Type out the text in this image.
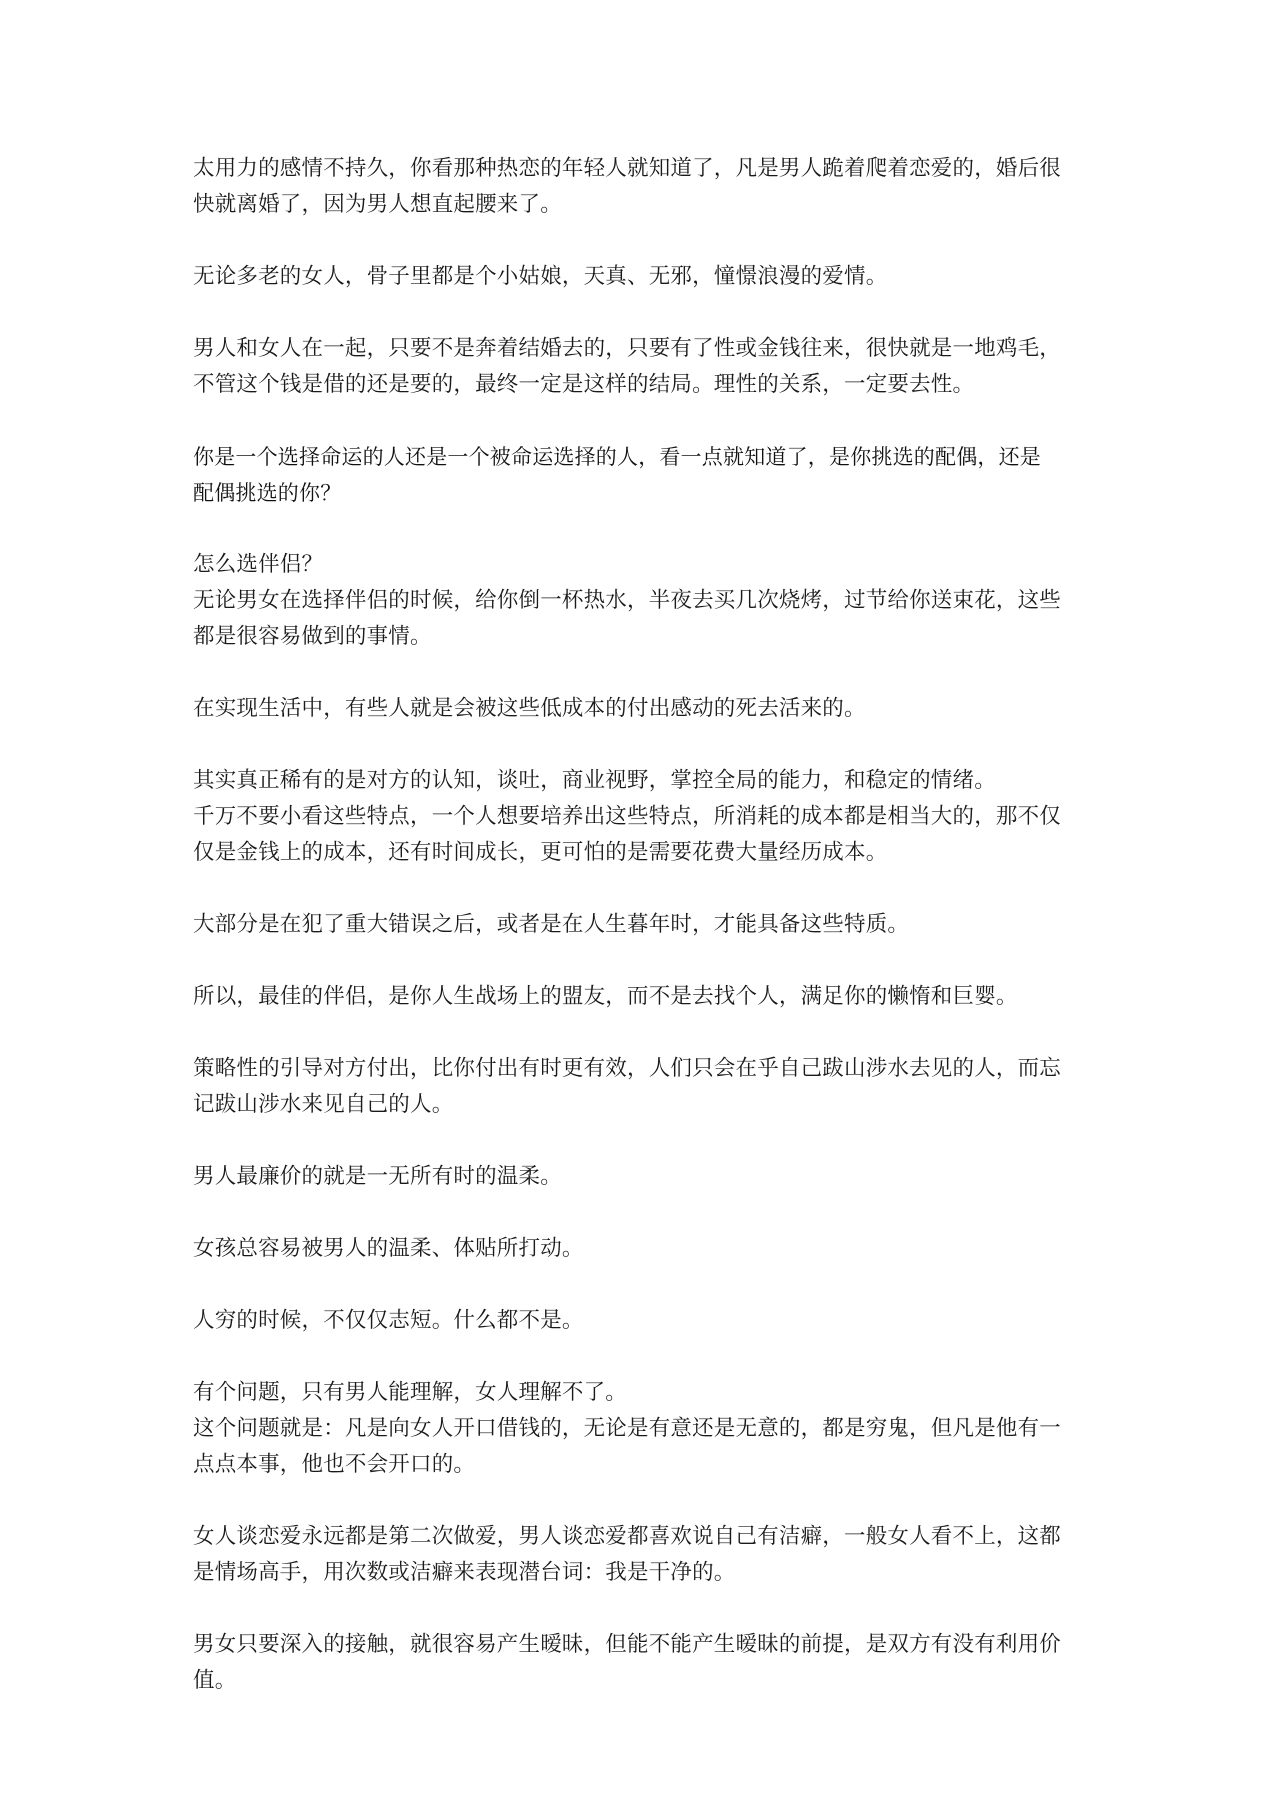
太用力的感情不持久，你看那种热恋的年轻人就知道了，凡是男人跪着爬着恋爱的，婚后很
快就离婚了，因为男人想直起腰来了。

无论多老的女人，骨子里都是个小姑娘，天真、无邪，憧憬浪漫的爱情。

男人和女人在一起，只要不是奔着结婚去的，只要有了性或金钱往来，很快就是一地鸡毛，
不管这个钱是借的还是要的，最终一定是这样的结局。理性的关系，一定要去性。

你是一个选择命运的人还是一个被命运选择的人，看一点就知道了，是你挑选的配偶，还是
配偶挑选的你？

怎么选伴侣？
无论男女在选择伴侣的时候，给你倒一杯热水，半夜去买几次烧烤，过节给你送束花，这些
都是很容易做到的事情。

在实现生活中，有些人就是会被这些低成本的付出感动的死去活来的。

其实真正稀有的是对方的认知，谈吐，商业视野，掌控全局的能力，和稳定的情绪。
千万不要小看这些特点，一个人想要培养出这些特点，所消耗的成本都是相当大的，那不仅
仅是金钱上的成本，还有时间成长，更可怕的是需要花费大量经历成本。

大部分是在犯了重大错误之后，或者是在人生暮年时，才能具备这些特质。

所以，最佳的伴侣，是你人生战场上的盟友，而不是去找个人，满足你的懒惰和巨婴。

策略性的引导对方付出，比你付出有时更有效，人们只会在乎自己跋山涉水去见的人，而忘
记跋山涉水来见自己的人。

男人最廉价的就是一无所有时的温柔。

女孩总容易被男人的温柔、体贴所打动。

人穷的时候，不仅仅志短。什么都不是。

有个问题，只有男人能理解，女人理解不了。
这个问题就是：凡是向女人开口借钱的，无论是有意还是无意的，都是穷鬼，但凡是他有一
点点本事，他也不会开口的。

女人谈恋爱永远都是第二次做爱，男人谈恋爱都喜欢说自己有洁癖，一般女人看不上，这都
是情场高手，用次数或洁癖来表现潜台词：我是干净的。

男女只要深入的接触，就很容易产生暧昧，但能不能产生暧昧的前提，是双方有没有利用价
值。
